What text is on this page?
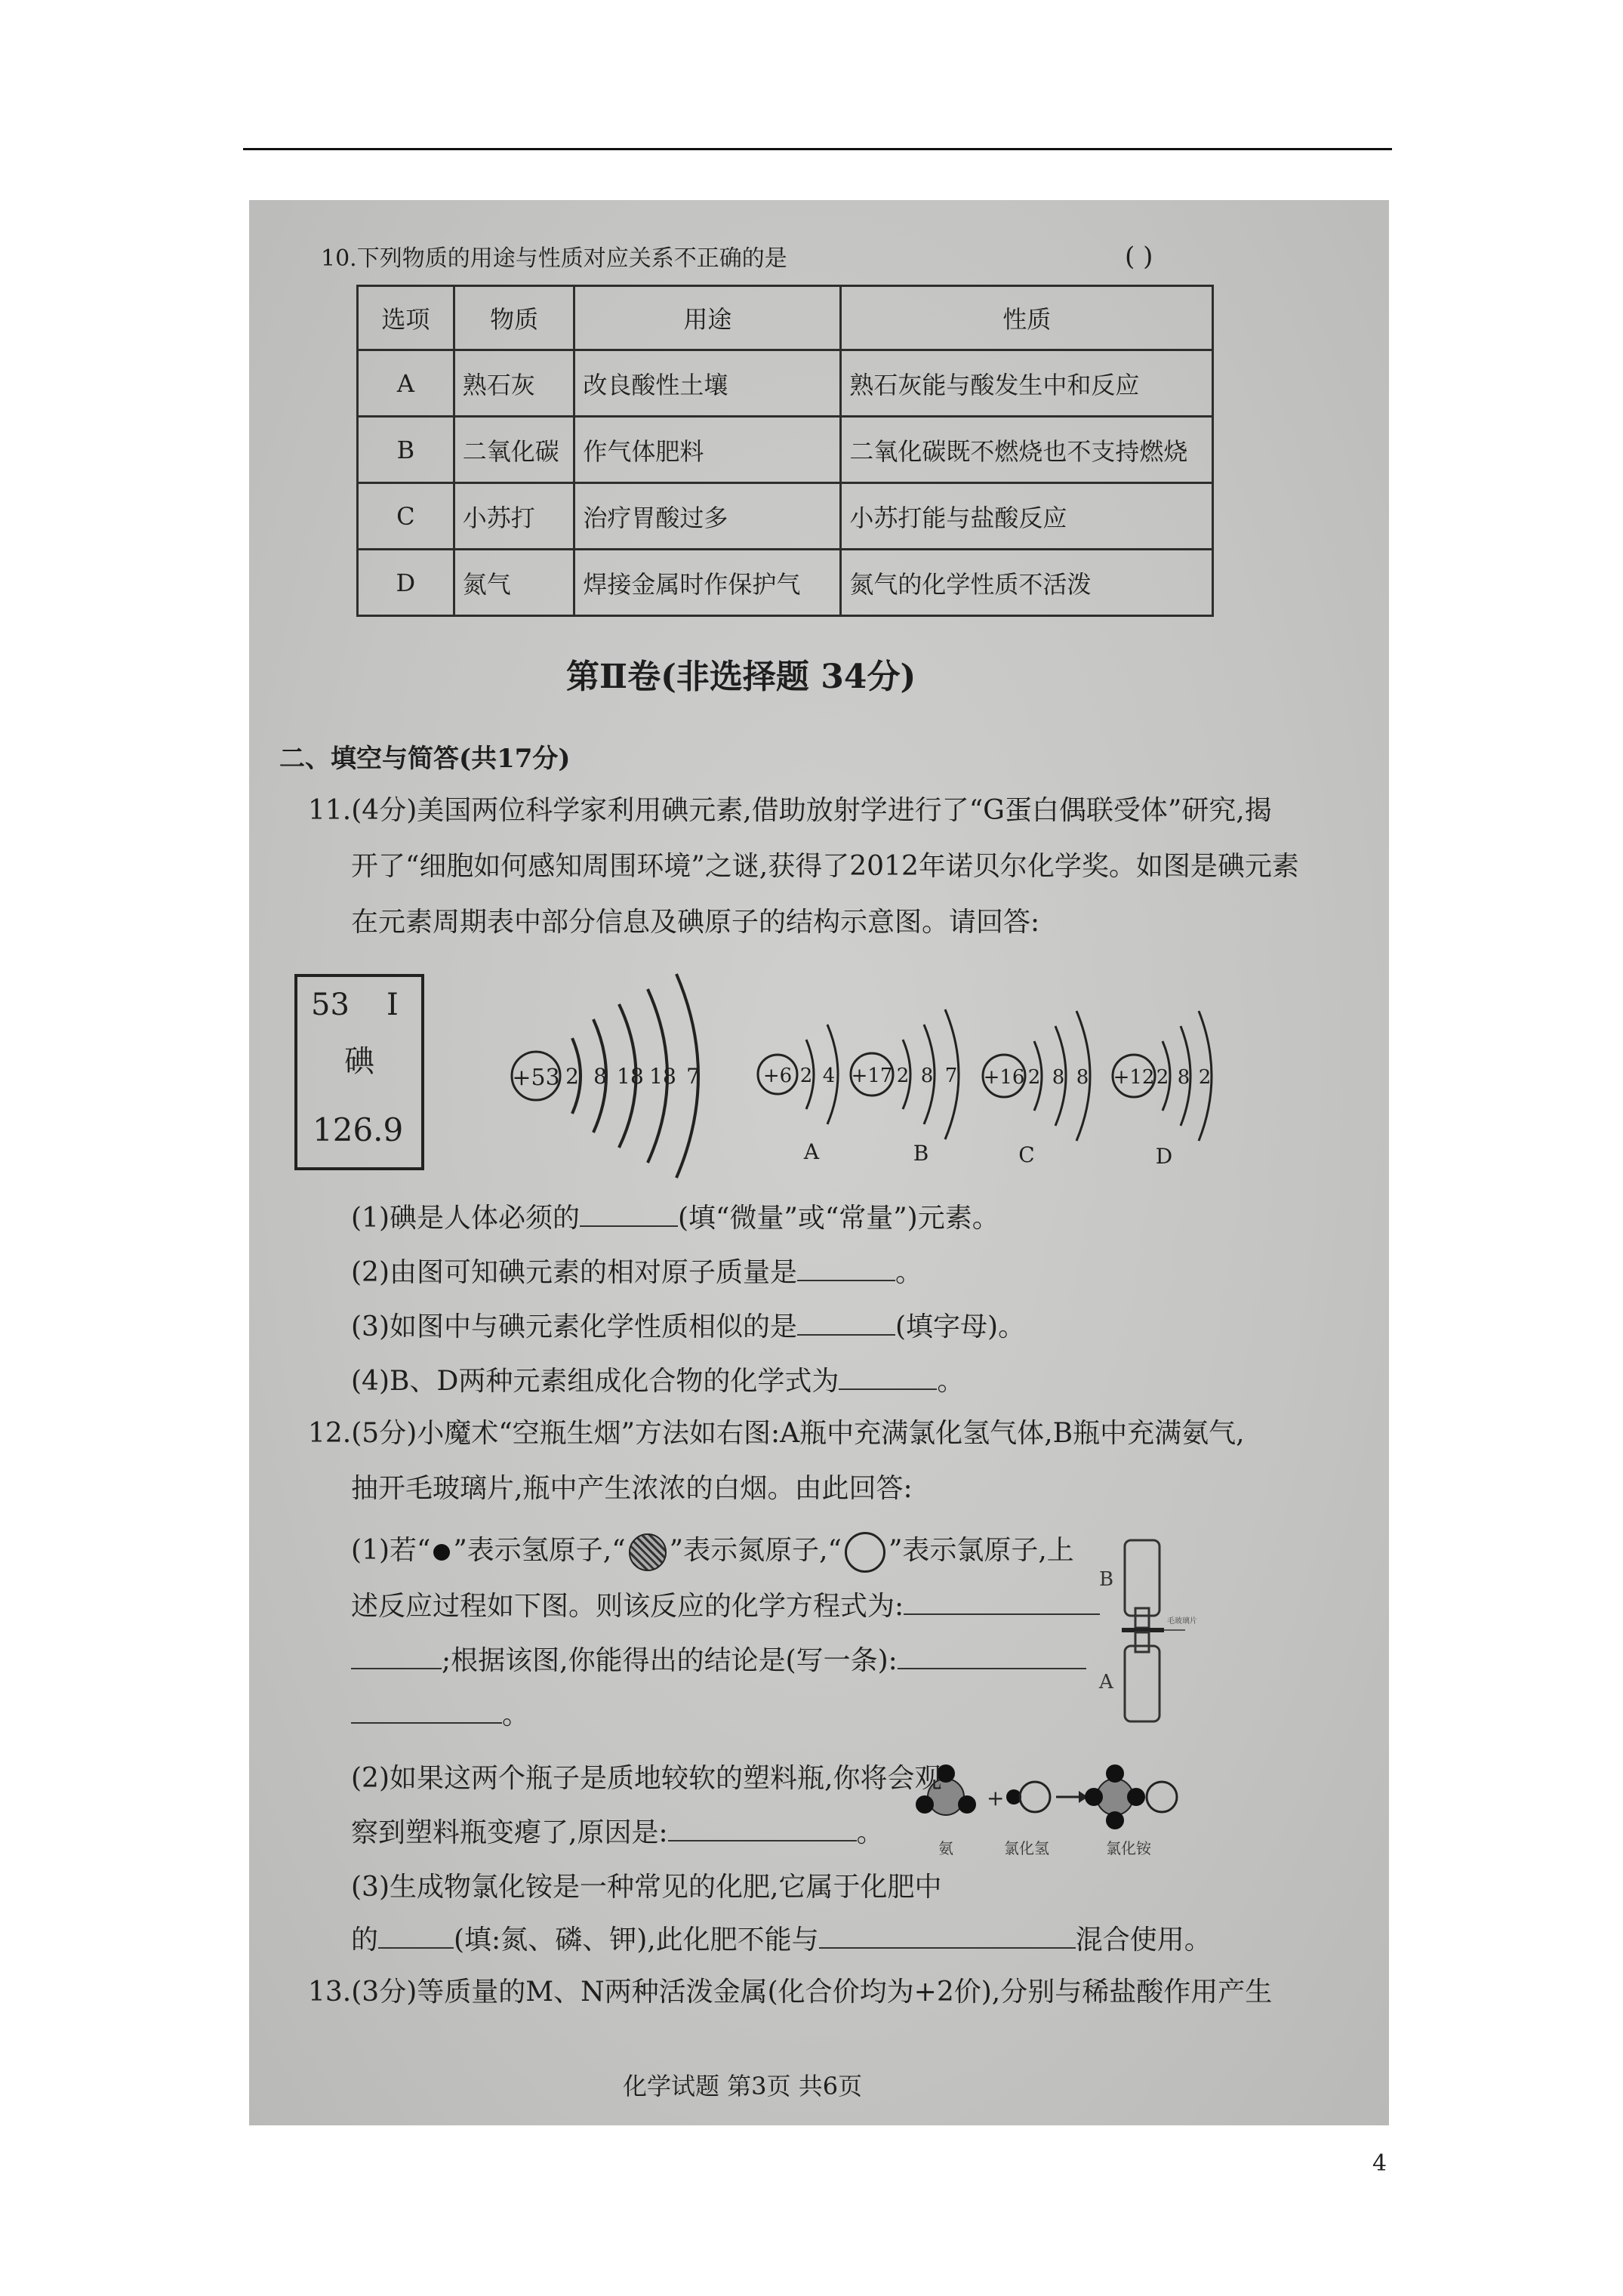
10.下列物质的用途与性质对应关系不正确的是	( )
选项	物质	用途	性质
A	熟石灰	改良酸性土壤	熟石灰能与酸发生中和反应
B	二氧化碳	作气体肥料	二氧化碳既不燃烧也不支持燃烧
C	小苏打	治疗胃酸过多	小苏打能与盐酸反应
D	氮气	焊接金属时作保护气	氮气的化学性质不活泼
第Ⅱ卷(非选择题 34分)
二、填空与简答(共17分)
11.(4分)美国两位科学家利用碘元素,借助放射学进行了“G蛋白偶联受体”研究,揭
开了“细胞如何感知周围环境”之谜,获得了2012年诺贝尔化学奖。如图是碘元素
在元素周期表中部分信息及碘原子的结构示意图。请回答:
53 I
碘
126.9
+53 2 8 18 18 7	+6 2 4
A
+17 2 8 7
B
+16 2 8 8
C
+12 2 8 2
D
(1)碘是人体必须的	(填“微量”或“常量”)元素。
(2)由图可知碘元素的相对原子质量是	。
(3)如图中与碘元素化学性质相似的是	(填字母)。
(4)B、D两种元素组成化合物的化学式为	。
12.(5分)小魔术“空瓶生烟”方法如右图:A瓶中充满氯化氢气体,B瓶中充满氨气,
抽开毛玻璃片,瓶中产生浓浓的白烟。由此回答:
(1)若“ ”表示氢原子,“ ”表示氮原子,“ ”表示氯原子,上
述反应过程如下图。则该反应的化学方程式为:
;根据该图,你能得出的结论是(写一条):
。
B
A
毛玻璃片
+
氨	氯化氢	氯化铵
(2)如果这两个瓶子是质地较软的塑料瓶,你将会观
察到塑料瓶变瘪了,原因是:	。
(3)生成物氯化铵是一种常见的化肥,它属于化肥中
的	(填:氮、磷、钾),此化肥不能与	混合使用。
13.(3分)等质量的M、N两种活泼金属(化合价均为+2价),分别与稀盐酸作用产生
化学试题 第3页 共6页
4
